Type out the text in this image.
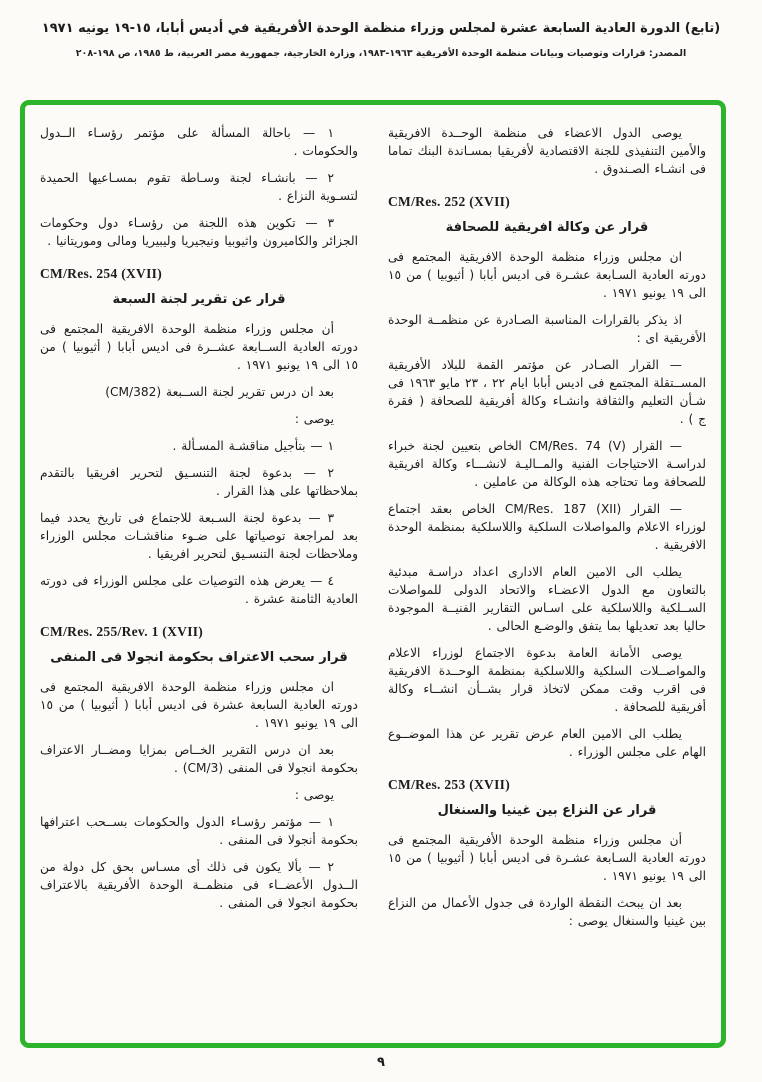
(تابع) الدورة العادية السابعة عشرة لمجلس وزراء منظمة الوحدة الأفريقية في أديس أبابا، ١٥-١٩ يونيه ١٩٧١
المصدر: قرارات وتوصيات وبيانات منظمة الوحدة الأفريقية ١٩٦٣-١٩٨٣، وزارة الخارجية، جمهورية مصر العربية، ط ١٩٨٥، ص ١٩٨-٢٠٨
يوصى الدول الاعضاء فى منظمة الوحــدة الافريقية والأمين التنفيذى للجنة الاقتصادية لأفريقيا بمسـاندة البنك تماما فى انشـاء الصـندوق .
CM/Res. 252 (XVII)
قرار عن وكالة افريقية للصحافة
ان مجلس وزراء منظمة الوحدة الافريقية المجتمع فى دورته العادية السـابعة عشـرة فى اديس أبابا ( أثيوبيا ) من ١٥ الى ١٩ يونيو ١٩٧١ .
اذ يذكر بالقرارات المناسبة الصـادرة عن منظمــة الوحدة الأفريقية اى :
— القرار الصـادر عن مؤتمر القمة للبلاد الأفريقية المســتقلة المجتمع فى اديس أبابا ايام ٢٢ ، ٢٣ مايو ١٩٦٣ فى شـأن التعليم والثقافة وانشـاء وكالة أفريقية للصحافة ( فقرة ج ) .
— القرار CM/Res. 74 (V) الخاص بتعيين لجنة خبراء لدراسـة الاحتياجات الفنية والمــاليـة لانشـــاء وكالة افريقية للصحافة وما تحتاجه هذه الوكالة من عاملين .
— القرار CM/Res. 187 (XII) الخاص بعقد اجتماع لوزراء الاعلام والمواصلات السلكية واللاسلكية بمنظمة الوحدة الافريقية .
يطلب الى الامين العام الادارى اعداد دراسـة مبدئية بالتعاون مع الدول الاعضـاء والاتحاد الدولى للمواصلات الســلكية واللاسلكية على اسـاس التقارير الفنيــة الموجودة حاليا بعد تعديلها بما يتفق والوضـع الحالى .
يوصى الأمانة العامة بدعوة الاجتماع لوزراء الاعلام والمواصــلات السلكية واللاسلكية بمنظمة الوحــدة الافريقية فى اقرب وقت ممكن لاتخاذ قرار بشــأن انشــاء وكالة أفريقية للصحافة .
يطلب الى الامين العام عرض تقرير عن هذا الموضــوع الهام على مجلس الوزراء .
CM/Res. 253 (XVII)
قرار عن النزاع بين غينيا والسنغال
أن مجلس وزراء منظمة الوحدة الأفريقية المجتمع فى دورته العادية السـابعة عشـرة فى اديس أبابا ( أثيوبيا ) من ١٥ الى ١٩ يونيو ١٩٧١ .
بعد ان يبحث النقطة الواردة فى جدول الأعمال من النزاع بين غينيا والسنغال يوصى :
١ — باحالة المسألة على مؤتمر رؤسـاء الــدول والحكومات .
٢ — بانشـاء لجنة وسـاطة تقوم بمسـاعيها الحميدة لتسـوية النزاع .
٣ — تكوين هذه اللجنة من رؤسـاء دول وحكومات الجزائر والكاميرون واثيوبيا ونيجيريا وليبيريا ومالى وموريتانيا .
CM/Res. 254 (XVII)
قرار عن تقرير لجنة السبعة
أن مجلس وزراء منظمة الوحدة الافريقية المجتمع فى دورته العادية الســابعة عشــرة فى اديس أبابا ( أثيوبيا ) من ١٥ الى ١٩ يونيو ١٩٧١ .
بعد ان درس تقرير لجنة الســبعة (CM/382)
يوصى :
١ — بتأجيل مناقشـة المسـألة .
٢ — بدعوة لجنة التنسـيق لتحرير افريقيا بالتقدم بملاحظاتها على هذا القرار .
٣ — بدعوة لجنة السـبعة للاجتماع فى تاريخ يحدد فيما بعد لمراجعة توصياتها على ضـوء مناقشـات مجلس الوزراء وملاحظات لجنة التنسـيق لتحرير افريقيا .
٤ — يعرض هذه التوصيات على مجلس الوزراء فى دورته العادية الثامنة عشرة .
CM/Res. 255/Rev. 1 (XVII)
قرار سحب الاعتراف بحكومة انجولا فى المنفى
ان مجلس وزراء منظمة الوحدة الافريقية المجتمع فى دورته العادية السابعة عشرة فى اديس أبابا ( أثيوبيا ) من ١٥ الى ١٩ يونيو ١٩٧١ .
بعد ان درس التقرير الخــاص بمزايا ومضــار الاعتراف بحكومة انجولا فى المنفى (CM/3) .
يوصى :
١ — مؤتمر رؤسـاء الدول والحكومات بســحب اعترافها بحكومة أنجولا فى المنفى .
٢ — بألا يكون فى ذلك أى مسـاس بحق كل دولة من الــدول الأعضــاء فى منظمــة الوحدة الأفريقية بالاعتراف بحكومة انجولا فى المنفى .
٩
